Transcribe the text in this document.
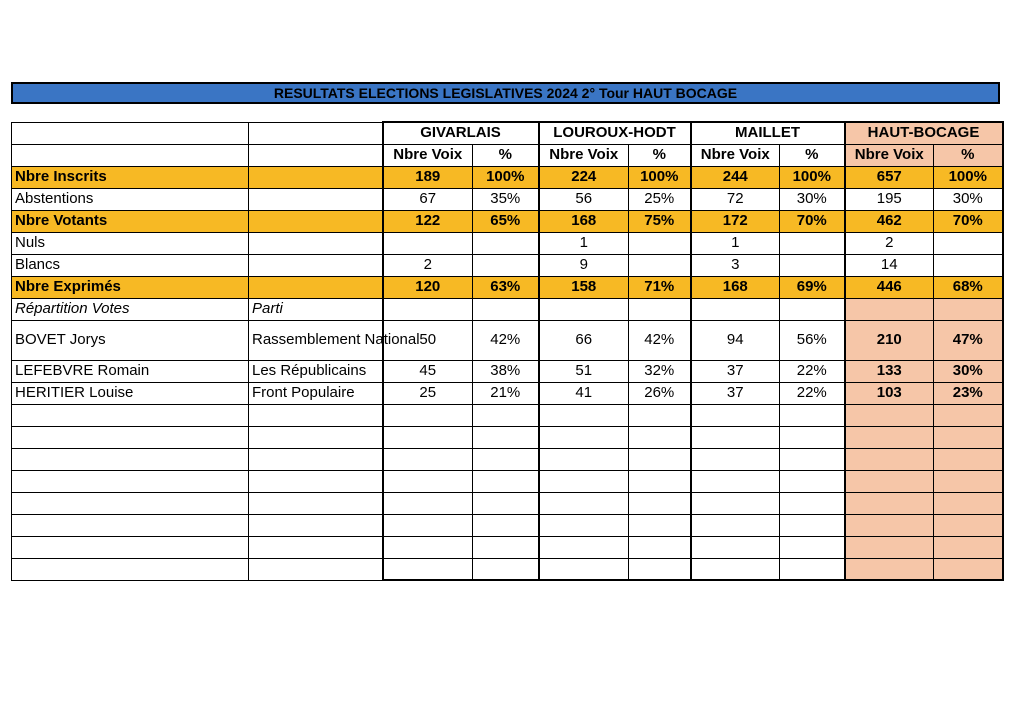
RESULTATS ELECTIONS LEGISLATIVES 2024 2° Tour HAUT BOCAGE
		GIVARLAIS		LOUROUX-HODT		MAILLET		HAUT-BOCAGE	
		Nbre Voix	%	Nbre Voix	%	Nbre Voix	%	Nbre Voix	%
Nbre Inscrits		189	100%	224	100%	244	100%	657	100%
Abstentions		67	35%	56	25%	72	30%	195	30%
Nbre Votants		122	65%	168	75%	172	70%	462	70%
Nuls				1		1		2	
Blancs		2		9		3		14	
Nbre Exprimés		120	63%	158	71%	168	69%	446	68%
Répartition Votes	Parti								
BOVET Jorys	Rassemblement National	50	42%	66	42%	94	56%	210	47%
LEFEBVRE Romain	Les Républicains	45	38%	51	32%	37	22%	133	30%
HERITIER Louise	Front Populaire	25	21%	41	26%	37	22%	103	23%
